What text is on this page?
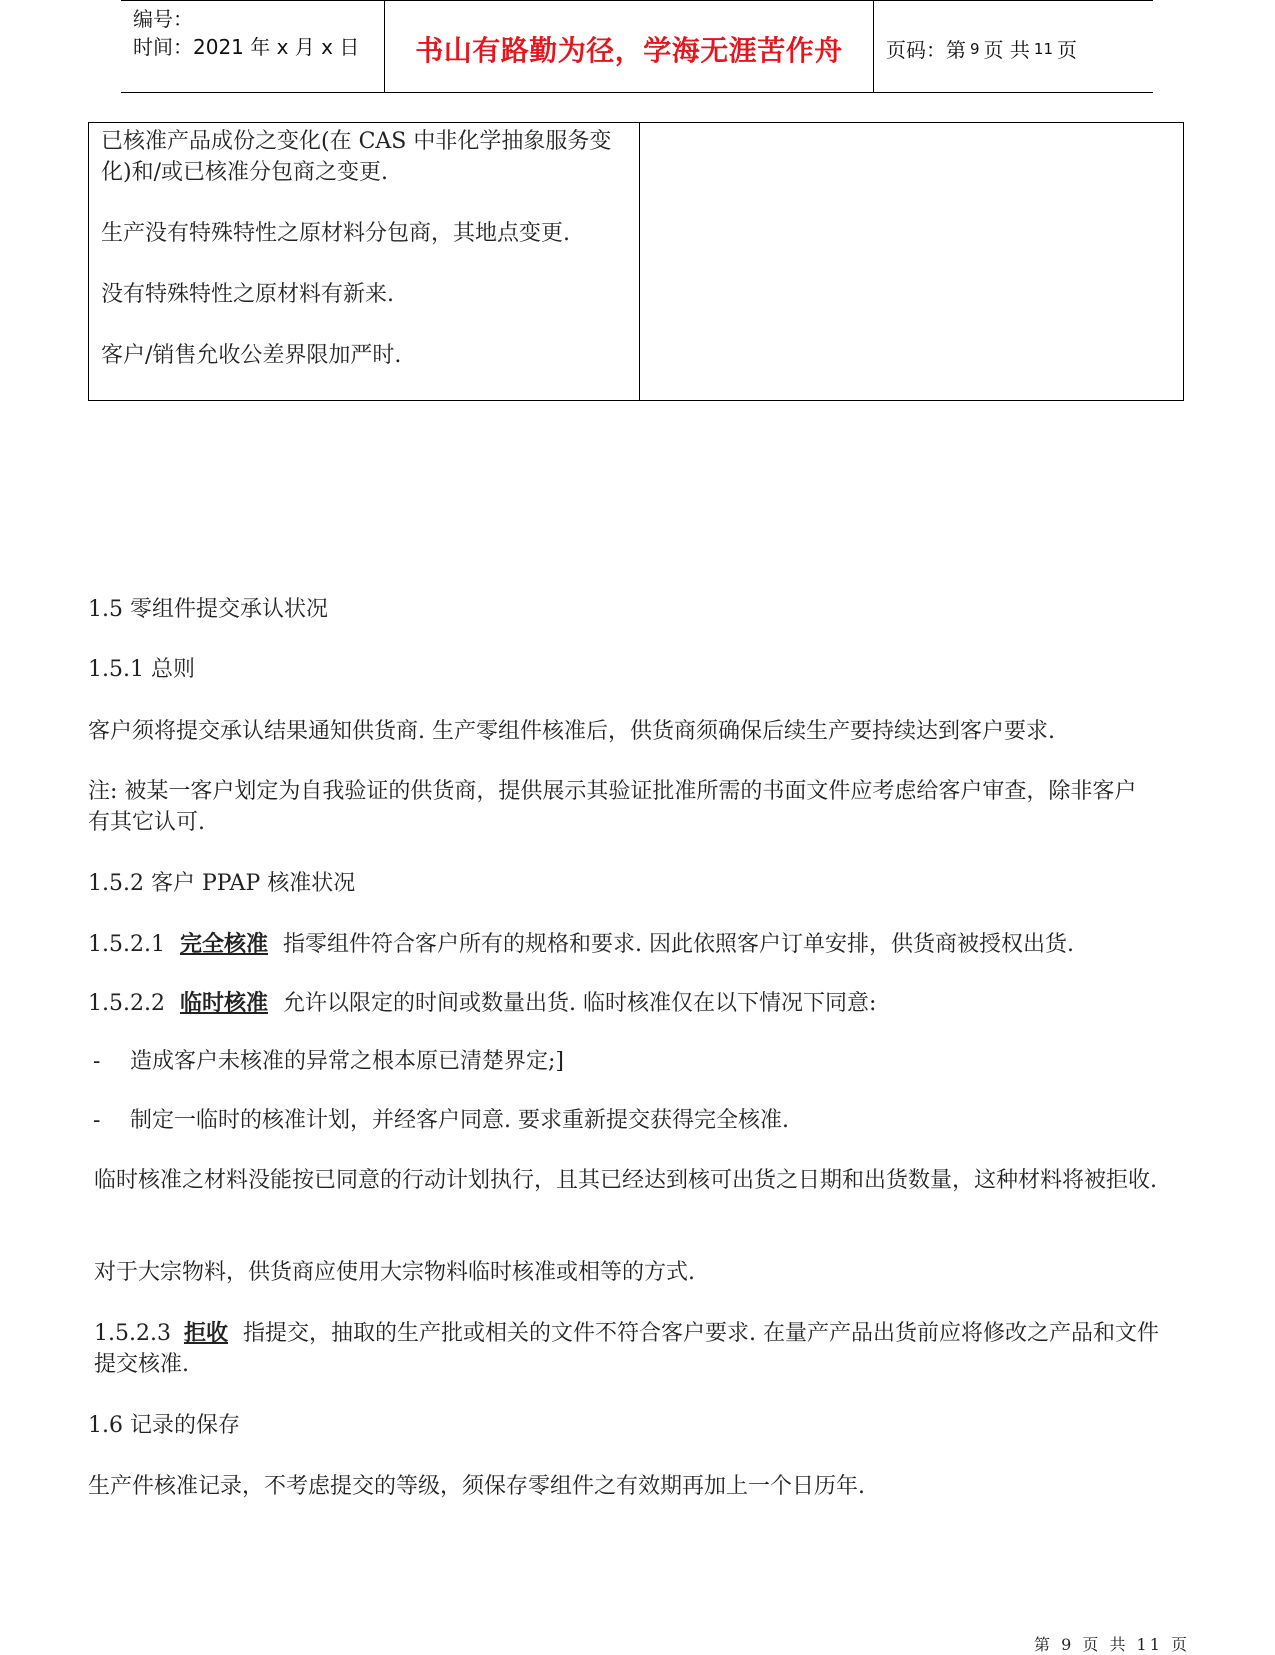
编号：
时间：2021 年 x 月 x 日	书山有路勤为径，学海无涯苦作舟	页码：第 9 页 共 11 页

已核准产品成份之变化(在 CAS 中非化学抽象服务变化)和/或已核准分包商之变更.

生产没有特殊特性之原材料分包商，其地点变更.

没有特殊特性之原材料有新来.

客户/销售允收公差界限加严时.

1.5 零组件提交承认状况

1.5.1 总则

客户须将提交承认结果通知供货商. 生产零组件核准后，供货商须确保后续生产要持续达到客户要求.

注: 被某一客户划定为自我验证的供货商，提供展示其验证批准所需的书面文件应考虑给客户审查，除非客户有其它认可.

1.5.2 客户 PPAP 核准状况

1.5.2.1 完全核准 指零组件符合客户所有的规格和要求. 因此依照客户订单安排，供货商被授权出货.

1.5.2.2 临时核准 允许以限定的时间或数量出货. 临时核准仅在以下情况下同意:

- 造成客户未核准的异常之根本原已清楚界定;]

- 制定一临时的核准计划，并经客户同意. 要求重新提交获得完全核准.

临时核准之材料没能按已同意的行动计划执行，且其已经达到核可出货之日期和出货数量，这种材料将被拒收.

对于大宗物料，供货商应使用大宗物料临时核准或相等的方式.

1.5.2.3 拒收 指提交，抽取的生产批或相关的文件不符合客户要求. 在量产产品出货前应将修改之产品和文件提交核准.

1.6 记录的保存

生产件核准记录，不考虑提交的等级，须保存零组件之有效期再加上一个日历年.

第 9 页 共 11 页
